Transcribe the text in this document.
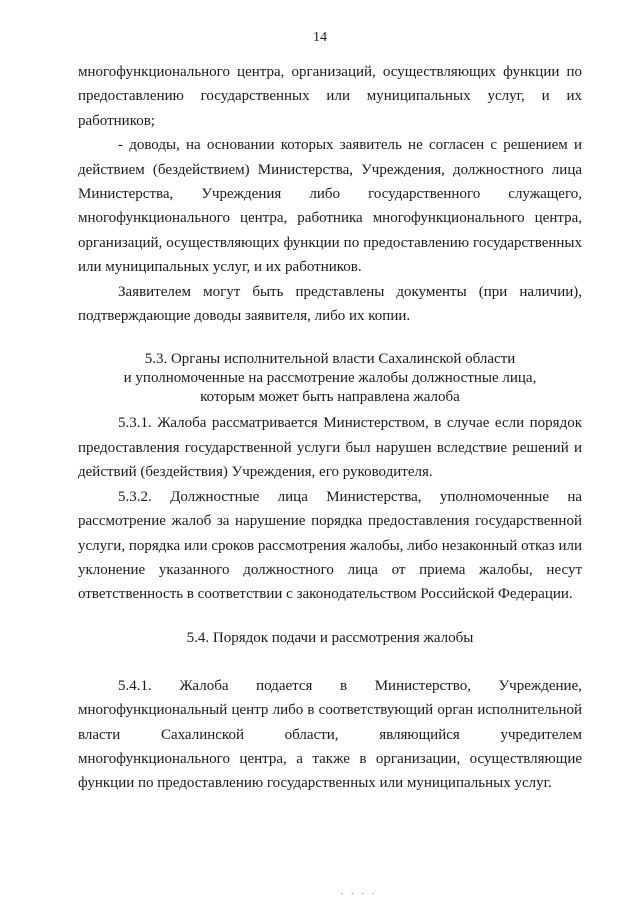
14

многофункционального центра, организаций, осуществляющих функции по предоставлению государственных или муниципальных услуг, и их работников;

- доводы, на основании которых заявитель не согласен с решением и действием (бездействием) Министерства, Учреждения, должностного лица Министерства, Учреждения либо государственного служащего, многофункционального центра, работника многофункционального центра, организаций, осуществляющих функции по предоставлению государственных или муниципальных услуг, и их работников.

Заявителем могут быть представлены документы (при наличии), подтверждающие доводы заявителя, либо их копии.

5.3. Органы исполнительной власти Сахалинской области

и уполномоченные на рассмотрение жалобы должностные лица,

которым может быть направлена жалоба

5.3.1. Жалоба рассматривается Министерством, в случае если порядок предоставления государственной услуги был нарушен вследствие решений и действий (бездействия) Учреждения, его руководителя.

5.3.2. Должностные лица Министерства, уполномоченные на рассмотрение жалоб за нарушение порядка предоставления государственной услуги, порядка или сроков рассмотрения жалобы, либо незаконный отказ или уклонение указанного должностного лица от приема жалобы, несут ответственность в соответствии с законодательством Российской Федерации.

5.4. Порядок подачи и рассмотрения жалобы

5.4.1. Жалоба подается в Министерство, Учреждение, многофункциональный центр либо в соответствующий орган исполнительной власти Сахалинской области, являющийся учредителем многофункционального центра, а также в организации, осуществляющие функции по предоставлению государственных или муниципальных услуг.

· · · ·
